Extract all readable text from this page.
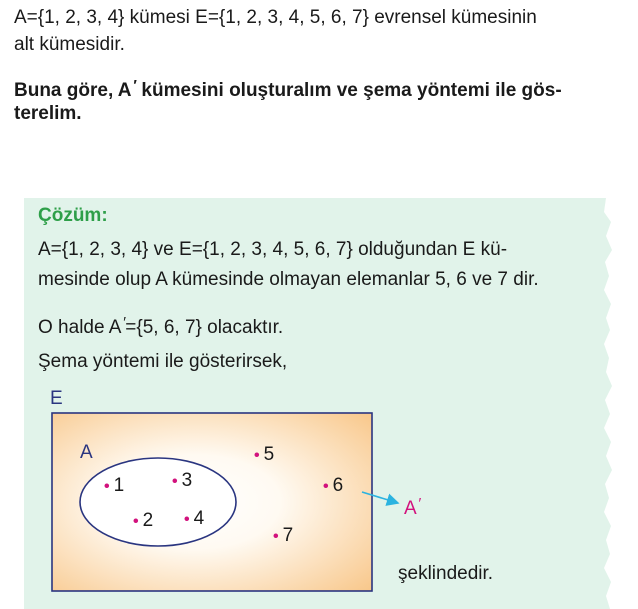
A={1, 2, 3, 4} kümesi E={1, 2, 3, 4, 5, 6, 7} evrensel kümesinin
alt kümesidir.
Buna göre, A′ kümesini oluşturalım ve şema yöntemi ile gös-
terelim.
Çözüm:
A={1, 2, 3, 4} ve E={1, 2, 3, 4, 5, 6, 7} olduğundan E kü-
mesinde olup A kümesinde olmayan elemanlar 5, 6 ve 7 dir.
O halde A′={5, 6, 7} olacaktır.
Şema yöntemi ile gösterirsek,
E
A
• 1	• 3
• 2 • 4
• 5
• 6
• 7
A′
şeklindedir.
